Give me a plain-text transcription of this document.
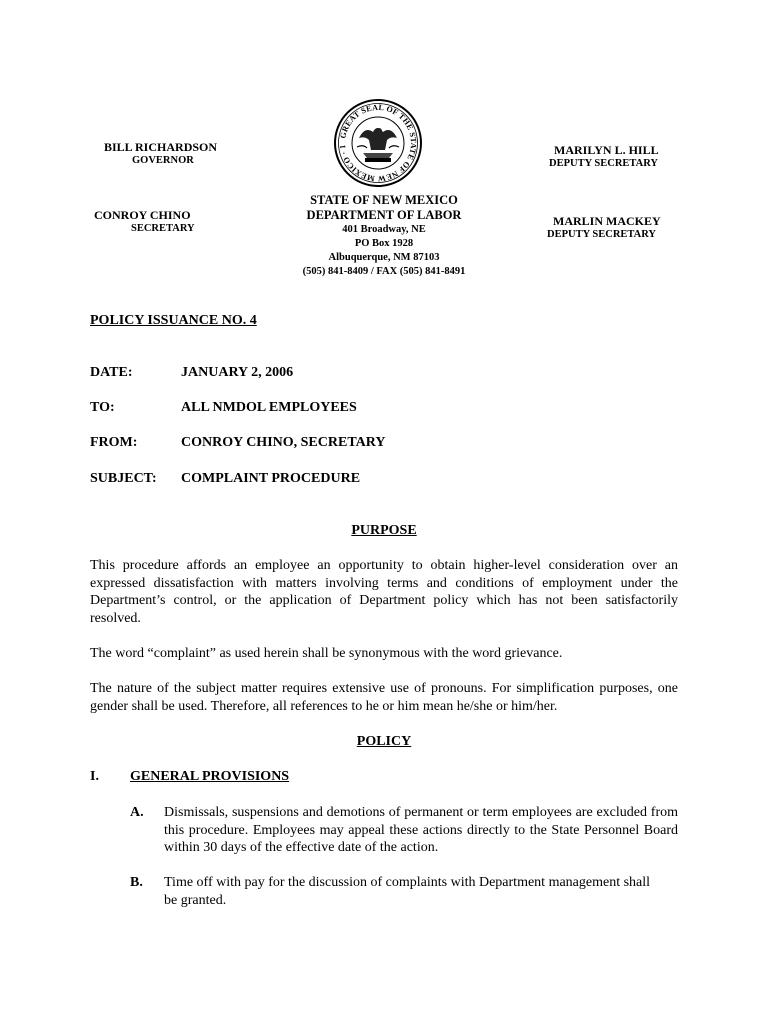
BILL RICHARDSON
GOVERNOR
CONROY CHINO
SECRETARY
MARILYN L. HILL
DEPUTY SECRETARY
MARLIN MACKEY
DEPUTY SECRETARY
GREAT SEAL OF THE STATE OF NEW MEXICO · 1
STATE OF NEW MEXICO
DEPARTMENT OF LABOR
401 Broadway, NE
PO Box 1928
Albuquerque, NM 87103
(505) 841-8409 / FAX (505) 841-8491
POLICY ISSUANCE NO. 4
DATE:	JANUARY 2, 2006
TO:	ALL NMDOL EMPLOYEES
FROM:	CONROY CHINO, SECRETARY
SUBJECT: COMPLAINT PROCEDURE
PURPOSE
This procedure affords an employee an opportunity to obtain higher-level consideration over an expressed dissatisfaction with matters involving terms and conditions of employment under the Department’s control, or the application of Department policy which has not been satisfactorily resolved.
The word “complaint” as used herein shall be synonymous with the word grievance.
The nature of the subject matter requires extensive use of pronouns. For simplification purposes, one gender shall be used. Therefore, all references to he or him mean he/she or him/her.
POLICY
I. GENERAL PROVISIONS
A. Dismissals, suspensions and demotions of permanent or term employees are excluded from this procedure. Employees may appeal these actions directly to the State Personnel Board within 30 days of the effective date of the action.
B. Time off with pay for the discussion of complaints with Department management shall be granted.
